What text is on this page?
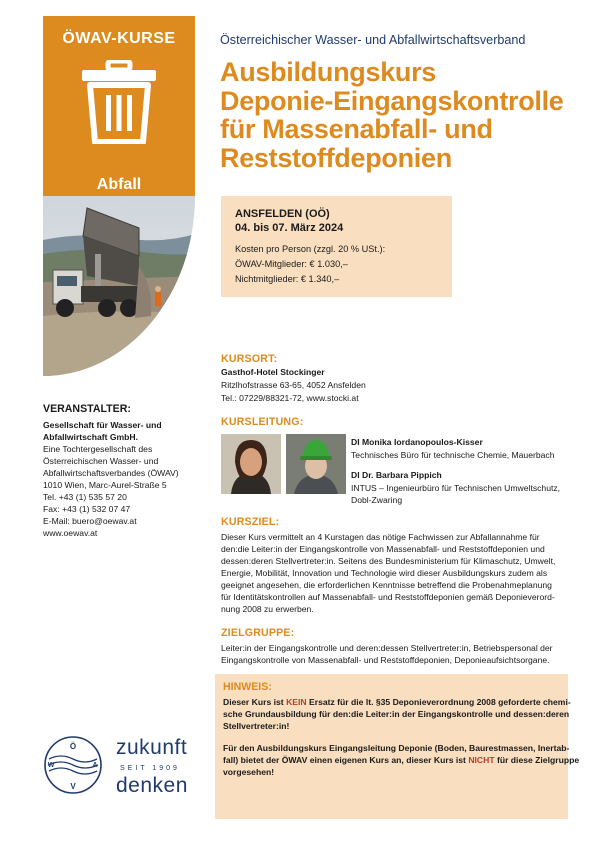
ÖWAV-KURSE
Abfall
Österreichischer Wasser- und Abfallwirtschaftsverband
Ausbildungskurs
Deponie-Eingangskontrolle
für Massenabfall- und
Reststoffdeponien
ANSFELDEN (OÖ)
04. bis 07. März 2024
Kosten pro Person (zzgl. 20 % USt.):
ÖWAV-Mitglieder: € 1.030,–
Nichtmitglieder: € 1.340,–
KURSORT:
Gasthof-Hotel Stockinger
Ritzlhofstrasse 63-65, 4052 Ansfelden
Tel.: 07229/88321-72, www.stocki.at
KURSLEITUNG:
DI Monika Iordanopoulos-Kisser
Technisches Büro für technische Chemie, Mauerbach
DI Dr. Barbara Pippich
INTUS – Ingenieurbüro für Technischen Umweltschutz,
Dobl-Zwaring
KURSZIEL:
Dieser Kurs vermittelt an 4 Kurstagen das nötige Fachwissen zur Abfallannahme für
den:die Leiter:in der Eingangskontrolle von Massenabfall- und Reststoffdeponien und
dessen:deren Stellvertreter:in. Seitens des Bundesministerium für Klimaschutz, Umwelt,
Energie, Mobilität, Innovation und Technologie wird dieser Ausbildungskurs zudem als
geeignet angesehen, die erforderlichen Kenntnisse betreffend die Probenahmeplanung
für Identitätskontrollen auf Massenabfall- und Reststoffdeponien gemäß Deponieverord-
nung 2008 zu erwerben.
ZIELGRUPPE:
Leiter:in der Eingangskontrolle und deren:dessen Stellvertreter:in, Betriebspersonal der
Eingangskontrolle von Massenabfall- und Reststoffdeponien, Deponieaufsichtsorgane.
HINWEIS:
Dieser Kurs ist KEIN Ersatz für die lt. §35 Deponieverordnung 2008 geforderte chemi-
sche Grundausbildung für den:die Leiter:in der Eingangskontrolle und dessen:deren
Stellvertreter:in!
Für den Ausbildungskurs Eingangsleitung Deponie (Boden, Baurestmassen, Inertab-
fall) bietet der ÖWAV einen eigenen Kurs an, dieser Kurs ist NICHT für diese Zielgruppe
vorgesehen!
VERANSTALTER:
Gesellschaft für Wasser- und
Abfallwirtschaft GmbH.
Eine Tochtergesellschaft des
Österreichischen Wasser- und
Abfallwirtschaftsverbandes (ÖWAV)
1010 Wien, Marc-Aurel-Straße 5
Tel. +43 (1) 535 57 20
Fax: +43 (1) 532 07 47
E-Mail: buero@oewav.at
www.oewav.at
Ö
W	A
V
zukunft
SEIT 1909
denken
